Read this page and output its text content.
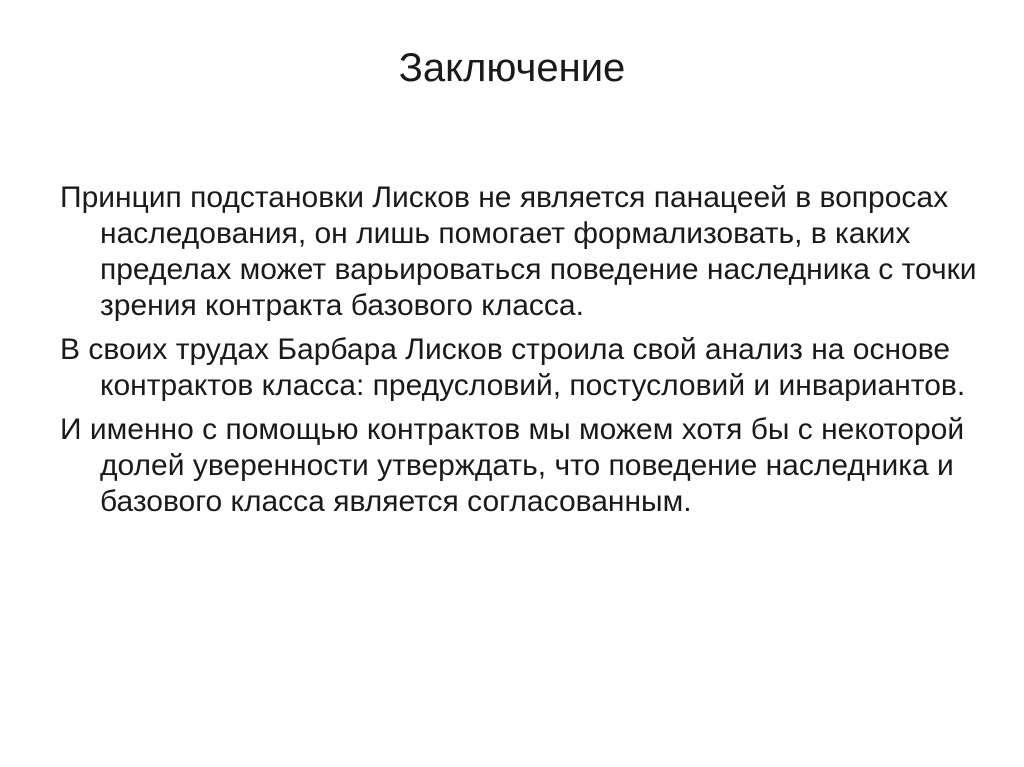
Заключение
Принцип подстановки Лисков не является панацеей в вопросах наследования, он лишь помогает формализовать, в каких пределах может варьироваться поведение наследника с точки зрения контракта базового класса.
В своих трудах Барбара Лисков строила свой анализ на основе контрактов класса: предусловий, постусловий и инвариантов.
И именно с помощью контрактов мы можем хотя бы с некоторой долей уверенности утверждать, что поведение наследника и базового класса является согласованным.
